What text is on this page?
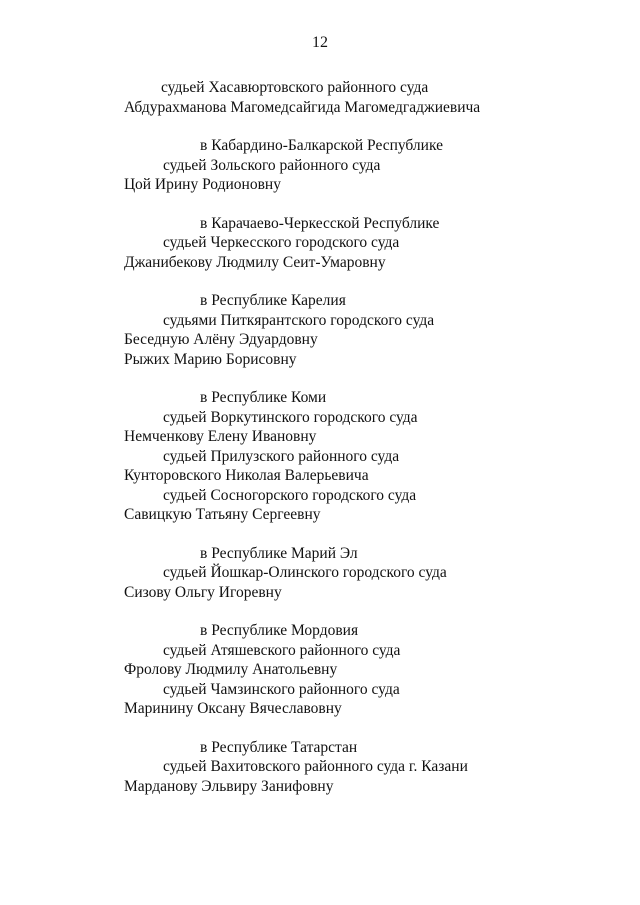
12
судьей Хасавюртовского районного суда
Абдурахманова Магомедсайгида Магомедгаджиевича
в Кабардино-Балкарской Республике
судьей Зольского районного суда
Цой Ирину Родионовну
в Карачаево-Черкесской Республике
судьей Черкесского городского суда
Джанибекову Людмилу Сеит-Умаровну
в Республике Карелия
судьями Питкярантского городского суда
Беседную Алёну Эдуардовну
Рыжих Марию Борисовну
в Республике Коми
судьей Воркутинского городского суда
Немченкову Елену Ивановну
судьей Прилузского районного суда
Кунторовского Николая Валерьевича
судьей Сосногорского городского суда
Савицкую Татьяну Сергеевну
в Республике Марий Эл
судьей Йошкар-Олинского городского суда
Сизову Ольгу Игоревну
в Республике Мордовия
судьей Атяшевского районного суда
Фролову Людмилу Анатольевну
судьей Чамзинского районного суда
Маринину Оксану Вячеславовну
в Республике Татарстан
судьей Вахитовского районного суда г. Казани
Марданову Эльвиру Занифовну
